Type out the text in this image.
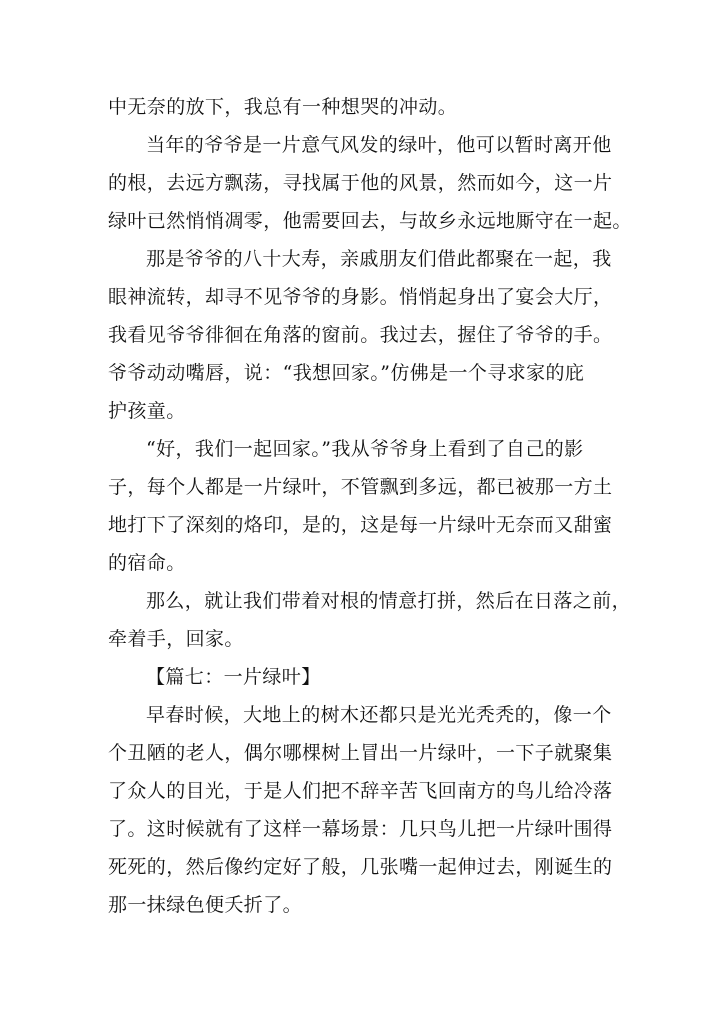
中无奈的放下，我总有一种想哭的冲动。
当年的爷爷是一片意气风发的绿叶，他可以暂时离开他
的根，去远方飘荡，寻找属于他的风景，然而如今，这一片
绿叶已然悄悄凋零，他需要回去，与故乡永远地厮守在一起。
那是爷爷的八十大寿，亲戚朋友们借此都聚在一起，我
眼神流转，却寻不见爷爷的身影。悄悄起身出了宴会大厅，
我看见爷爷徘徊在角落的窗前。我过去，握住了爷爷的手。
爷爷动动嘴唇，说：“我想回家。”仿佛是一个寻求家的庇
护孩童。
“好，我们一起回家。”我从爷爷身上看到了自己的影
子，每个人都是一片绿叶，不管飘到多远，都已被那一方土
地打下了深刻的烙印，是的，这是每一片绿叶无奈而又甜蜜
的宿命。
那么，就让我们带着对根的情意打拼，然后在日落之前，
牵着手，回家。
【篇七：一片绿叶】
早春时候，大地上的树木还都只是光光秃秃的，像一个
个丑陋的老人，偶尔哪棵树上冒出一片绿叶，一下子就聚集
了众人的目光，于是人们把不辞辛苦飞回南方的鸟儿给冷落
了。这时候就有了这样一幕场景：几只鸟儿把一片绿叶围得
死死的，然后像约定好了般，几张嘴一起伸过去，刚诞生的
那一抹绿色便夭折了。
